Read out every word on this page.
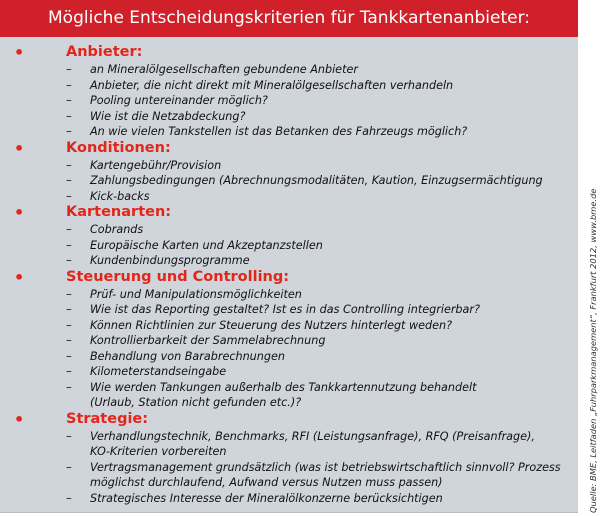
Mögliche Entscheidungskriterien für Tankkartenanbieter:
•	Anbieter:
– an Mineralölgesellschaften gebundene Anbieter
– Anbieter, die nicht direkt mit Mineralölgesellschaften verhandeln
– Pooling untereinander möglich?
– Wie ist die Netzabdeckung?
– An wie vielen Tankstellen ist das Betanken des Fahrzeugs möglich?
•	Konditionen:
– Kartengebühr/Provision
– Zahlungsbedingungen (Abrechnungsmodalitäten, Kaution, Einzugsermächtigung
– Kick-backs
•	Kartenarten:
– Cobrands
– Europäische Karten und Akzeptanzstellen
– Kundenbindungsprogramme
•	Steuerung und Controlling:
– Prüf- und Manipulationsmöglichkeiten
– Wie ist das Reporting gestaltet? Ist es in das Controlling integrierbar?
– Können Richtlinien zur Steuerung des Nutzers hinterlegt weden?
– Kontrollierbarkeit der Sammelabrechnung
– Behandlung von Barabrechnungen
– Kilometerstandseingabe
– Wie werden Tankungen außerhalb des Tankkartennutzung behandelt
(Urlaub, Station nicht gefunden etc.)?
•	Strategie:
– Verhandlungstechnik, Benchmarks, RFI (Leistungsanfrage), RFQ (Preisanfrage),
KO-Kriterien vorbereiten
– Vertragsmanagement grundsätzlich (was ist betriebswirtschaftlich sinnvoll? Prozess
möglichst durchlaufend, Aufwand versus Nutzen muss passen)
– Strategisches Interesse der Mineralölkonzerne berücksichtigen	Quelle: BME, Leitfaden „Fuhrparkmanagement“, Frankfurt 2012, www.bme.de
